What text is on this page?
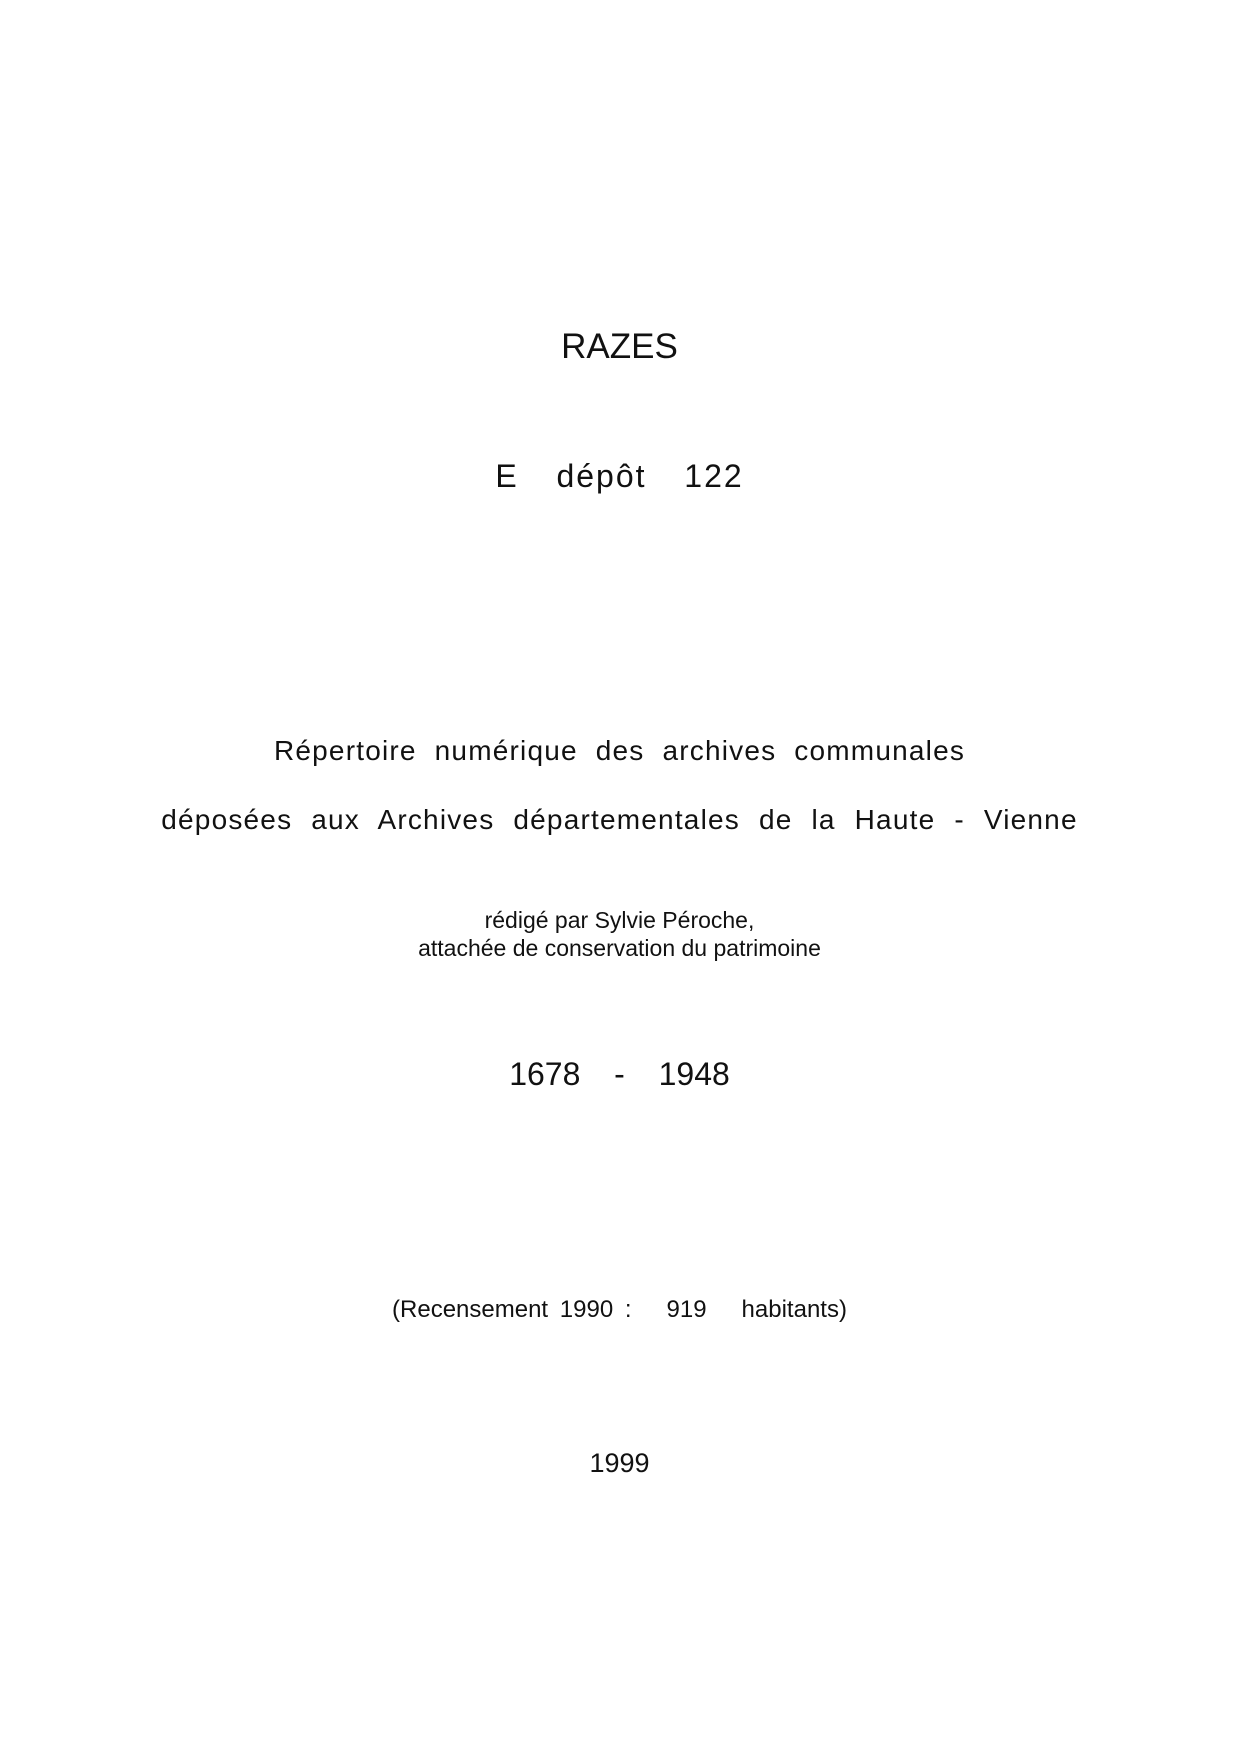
RAZES
E  dépôt  122
Répertoire numérique des archives communales
déposées aux Archives départementales de la Haute - Vienne
rédigé par Sylvie Péroche,
attachée de conservation du patrimoine
1678  -  1948
(Recensement 1990 :   919   habitants)
1999
